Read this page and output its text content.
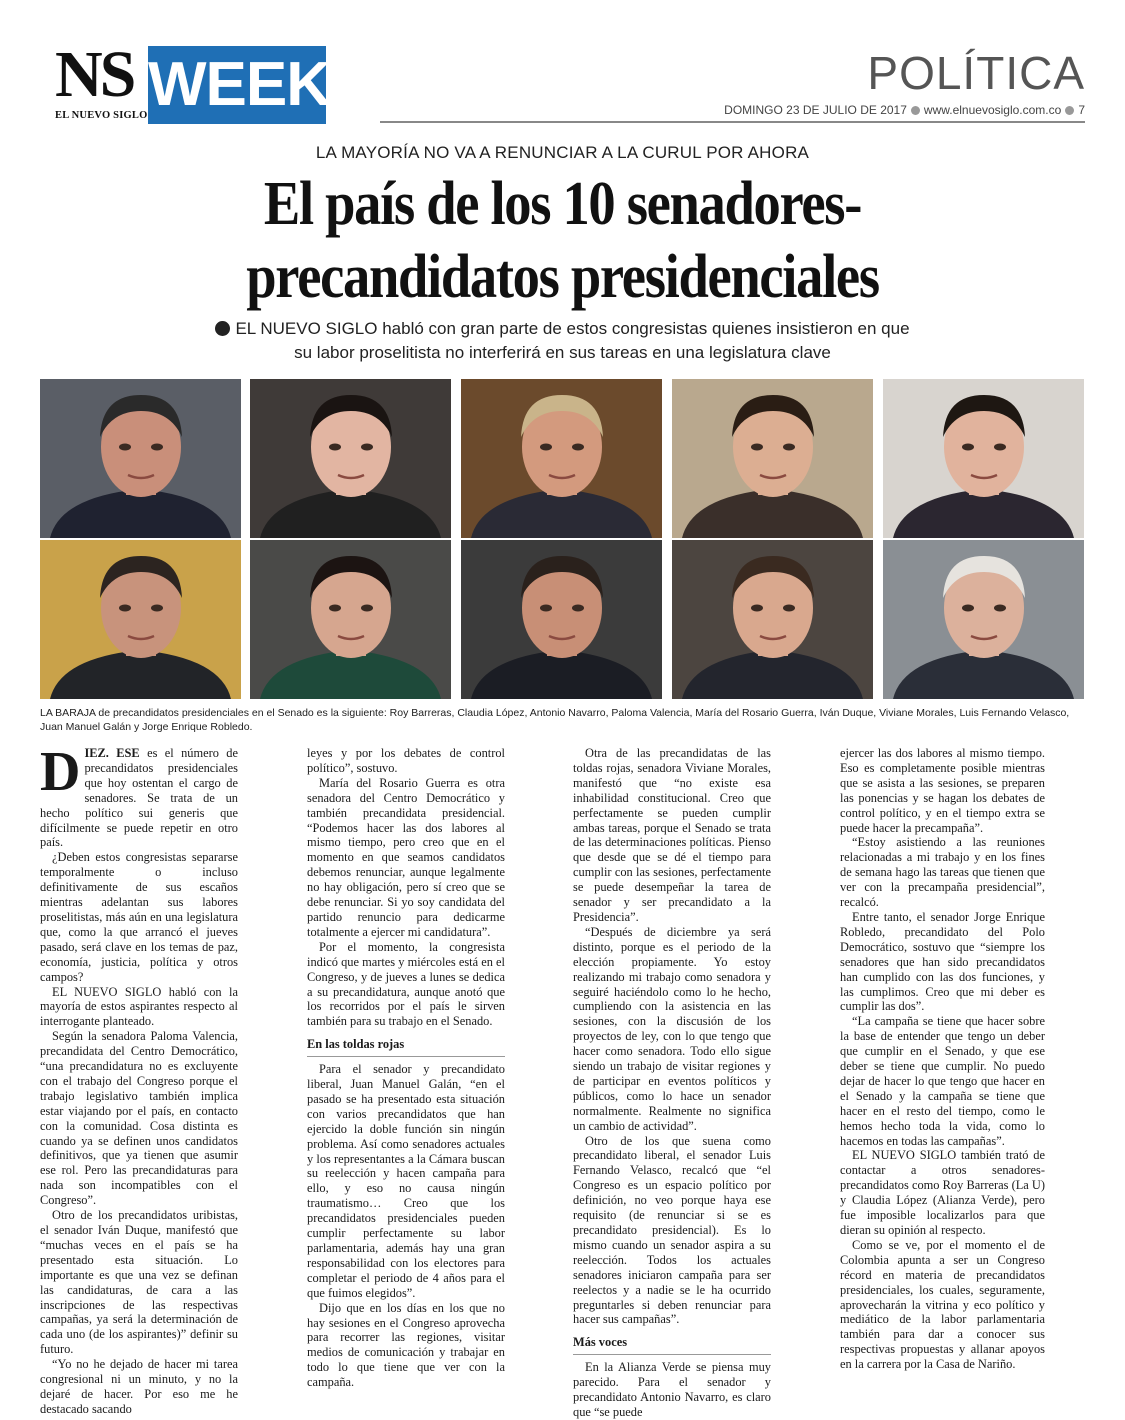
NS
EL NUEVO SIGLO WEEK	POLÍTICA
DOMINGO 23 DE JULIO DE 2017 www.elnuevosiglo.com.co 7
LA MAYORÍA NO VA A RENUNCIAR A LA CURUL POR AHORA
El país de los 10 senadores-
precandidatos presidenciales
EL NUEVO SIGLO habló con gran parte de estos congresistas quienes insistieron en que
su labor proselitista no interferirá en sus tareas en una legislatura clave
LA BARAJA de precandidatos presidenciales en el Senado es la siguiente: Roy Barreras, Claudia López, Antonio Navarro, Paloma Valencia, María del Rosario Guerra, Iván Duque, Viviane Morales, Luis Fernando Velasco, Juan Manuel Galán y Jorge Enrique Robledo.

DIEZ. ESE es el número de precandidatos presidenciales que hoy ostentan el cargo de senadores. Se trata de un hecho político sui generis que difícilmente se puede repetir en otro país.

¿Deben estos congresistas separarse temporalmente o incluso definitivamente de sus escaños mientras adelantan sus labores proselitistas, más aún en una legislatura que, como la que arrancó el jueves pasado, será clave en los temas de paz, economía, justicia, política y otros campos?

EL NUEVO SIGLO habló con la mayoría de estos aspirantes respecto al interrogante planteado.

Según la senadora Paloma Valencia, precandidata del Centro Democrático, “una precandidatura no es excluyente con el trabajo del Congreso porque el trabajo legislativo también implica estar viajando por el país, en contacto con la comunidad. Cosa distinta es cuando ya se definen unos candidatos definitivos, que ya tienen que asumir ese rol. Pero las precandidaturas para nada son incompatibles con el Congreso”.

Otro de los precandidatos uribistas, el senador Iván Duque, manifestó que “muchas veces en el país se ha presentado esta situación. Lo importante es que una vez se definan las candidaturas, de cara a las inscripciones de las respectivas campañas, ya será la determinación de cada uno (de los aspirantes)” definir su futuro.

“Yo no he dejado de hacer mi tarea congresional ni un minuto, y no la dejaré de hacer. Por eso me he destacado sacando

leyes y por los debates de control político”, sostuvo.

María del Rosario Guerra es otra senadora del Centro Democrático y también precandidata presidencial. “Podemos hacer las dos labores al mismo tiempo, pero creo que en el momento en que seamos candidatos debemos renunciar, aunque legalmente no hay obligación, pero sí creo que se debe renunciar. Si yo soy candidata del partido renuncio para dedicarme totalmente a ejercer mi candidatura”.

Por el momento, la congresista indicó que martes y miércoles está en el Congreso, y de jueves a lunes se dedica a su precandidatura, aunque anotó que los recorridos por el país le sirven también para su trabajo en el Senado.

En las toldas rojas

Para el senador y precandidato liberal, Juan Manuel Galán, “en el pasado se ha presentado esta situación con varios precandidatos que han ejercido la doble función sin ningún problema. Así como senadores actuales y los representantes a la Cámara buscan su reelección y hacen campaña para ello, y eso no causa ningún traumatismo… Creo que los precandidatos presidenciales pueden cumplir perfectamente su labor parlamentaria, además hay una gran responsabilidad con los electores para completar el periodo de 4 años para el que fuimos elegidos”.

Dijo que en los días en los que no hay sesiones en el Congreso aprovecha para recorrer las regiones, visitar medios de comunicación y trabajar en todo lo que tiene que ver con la campaña.

Otra de las precandidatas de las toldas rojas, senadora Viviane Morales, manifestó que “no existe esa inhabilidad constitucional. Creo que perfectamente se pueden cumplir ambas tareas, porque el Senado se trata de las determinaciones políticas. Pienso que desde que se dé el tiempo para cumplir con las sesiones, perfectamente se puede desempeñar la tarea de senador y ser precandidato a la Presidencia”.

“Después de diciembre ya será distinto, porque es el periodo de la elección propiamente. Yo estoy realizando mi trabajo como senadora y seguiré haciéndolo como lo he hecho, cumpliendo con la asistencia en las sesiones, con la discusión de los proyectos de ley, con lo que tengo que hacer como senadora. Todo ello sigue siendo un trabajo de visitar regiones y de participar en eventos políticos y públicos, como lo hace un senador normalmente. Realmente no significa un cambio de actividad”.

Otro de los que suena como precandidato liberal, el senador Luis Fernando Velasco, recalcó que “el Congreso es un espacio político por definición, no veo porque haya ese requisito (de renunciar si se es precandidato presidencial). Es lo mismo cuando un senador aspira a su reelección. Todos los actuales senadores iniciaron campaña para ser reelectos y a nadie se le ha ocurrido preguntarles si deben renunciar para hacer sus campañas”.

Más voces

En la Alianza Verde se piensa muy parecido. Para el senador y precandidato Antonio Navarro, es claro que “se puede

ejercer las dos labores al mismo tiempo. Eso es completamente posible mientras que se asista a las sesiones, se preparen las ponencias y se hagan los debates de control político, y en el tiempo extra se puede hacer la precampaña”.

“Estoy asistiendo a las reuniones relacionadas a mi trabajo y en los fines de semana hago las tareas que tienen que ver con la precampaña presidencial”, recalcó.

Entre tanto, el senador Jorge Enrique Robledo, precandidato del Polo Democrático, sostuvo que “siempre los senadores que han sido precandidatos han cumplido con las dos funciones, y las cumplimos. Creo que mi deber es cumplir las dos”.

“La campaña se tiene que hacer sobre la base de entender que tengo un deber que cumplir en el Senado, y que ese deber se tiene que cumplir. No puedo dejar de hacer lo que tengo que hacer en el Senado y la campaña se tiene que hacer en el resto del tiempo, como le hemos hecho toda la vida, como lo hacemos en todas las campañas”.

EL NUEVO SIGLO también trató de contactar a otros senadores-precandidatos como Roy Barreras (La U) y Claudia López (Alianza Verde), pero fue imposible localizarlos para que dieran su opinión al respecto.

Como se ve, por el momento el de Colombia apunta a ser un Congreso récord en materia de precandidatos presidenciales, los cuales, seguramente, aprovecharán la vitrina y eco político y mediático de la labor parlamentaria también para dar a conocer sus respectivas propuestas y allanar apoyos en la carrera por la Casa de Nariño.
